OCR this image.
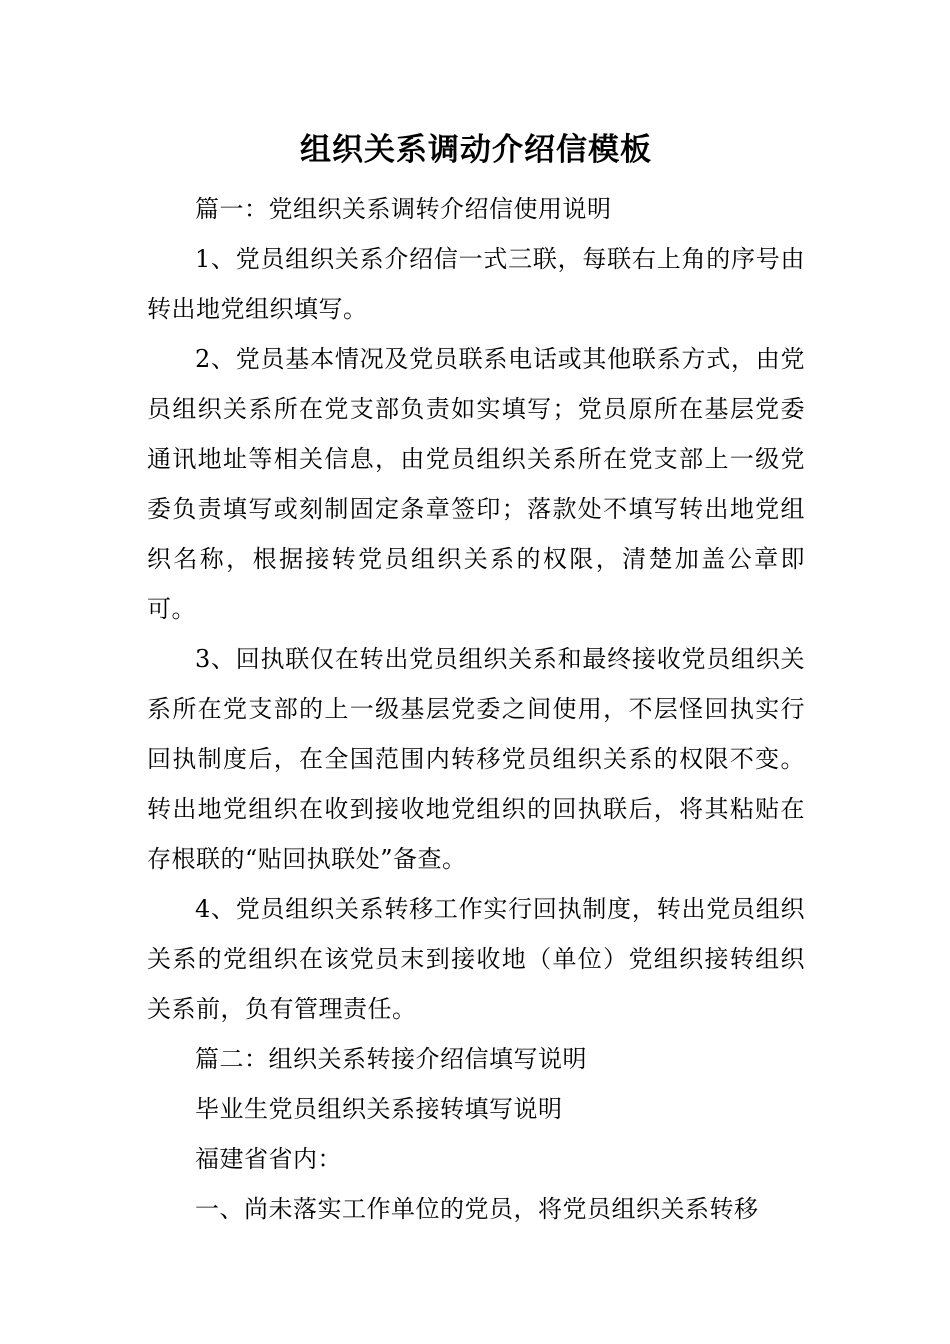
组织关系调动介绍信模板

篇一：党组织关系调转介绍信使用说明

1、党员组织关系介绍信一式三联，每联右上角的序号由转出地党组织填写。

2、党员基本情况及党员联系电话或其他联系方式，由党员组织关系所在党支部负责如实填写；党员原所在基层党委通讯地址等相关信息，由党员组织关系所在党支部上一级党委负责填写或刻制固定条章签印；落款处不填写转出地党组织名称，根据接转党员组织关系的权限，清楚加盖公章即可。

3、回执联仅在转出党员组织关系和最终接收党员组织关系所在党支部的上一级基层党委之间使用，不层怪回执实行回执制度后，在全国范围内转移党员组织关系的权限不变。转出地党组织在收到接收地党组织的回执联后，将其粘贴在存根联的“贴回执联处”备查。

4、党员组织关系转移工作实行回执制度，转出党员组织关系的党组织在该党员末到接收地（单位）党组织接转组织关系前，负有管理责任。

篇二：组织关系转接介绍信填写说明

毕业生党员组织关系接转填写说明

福建省省内：

一、尚未落实工作单位的党员，将党员组织关系转移
